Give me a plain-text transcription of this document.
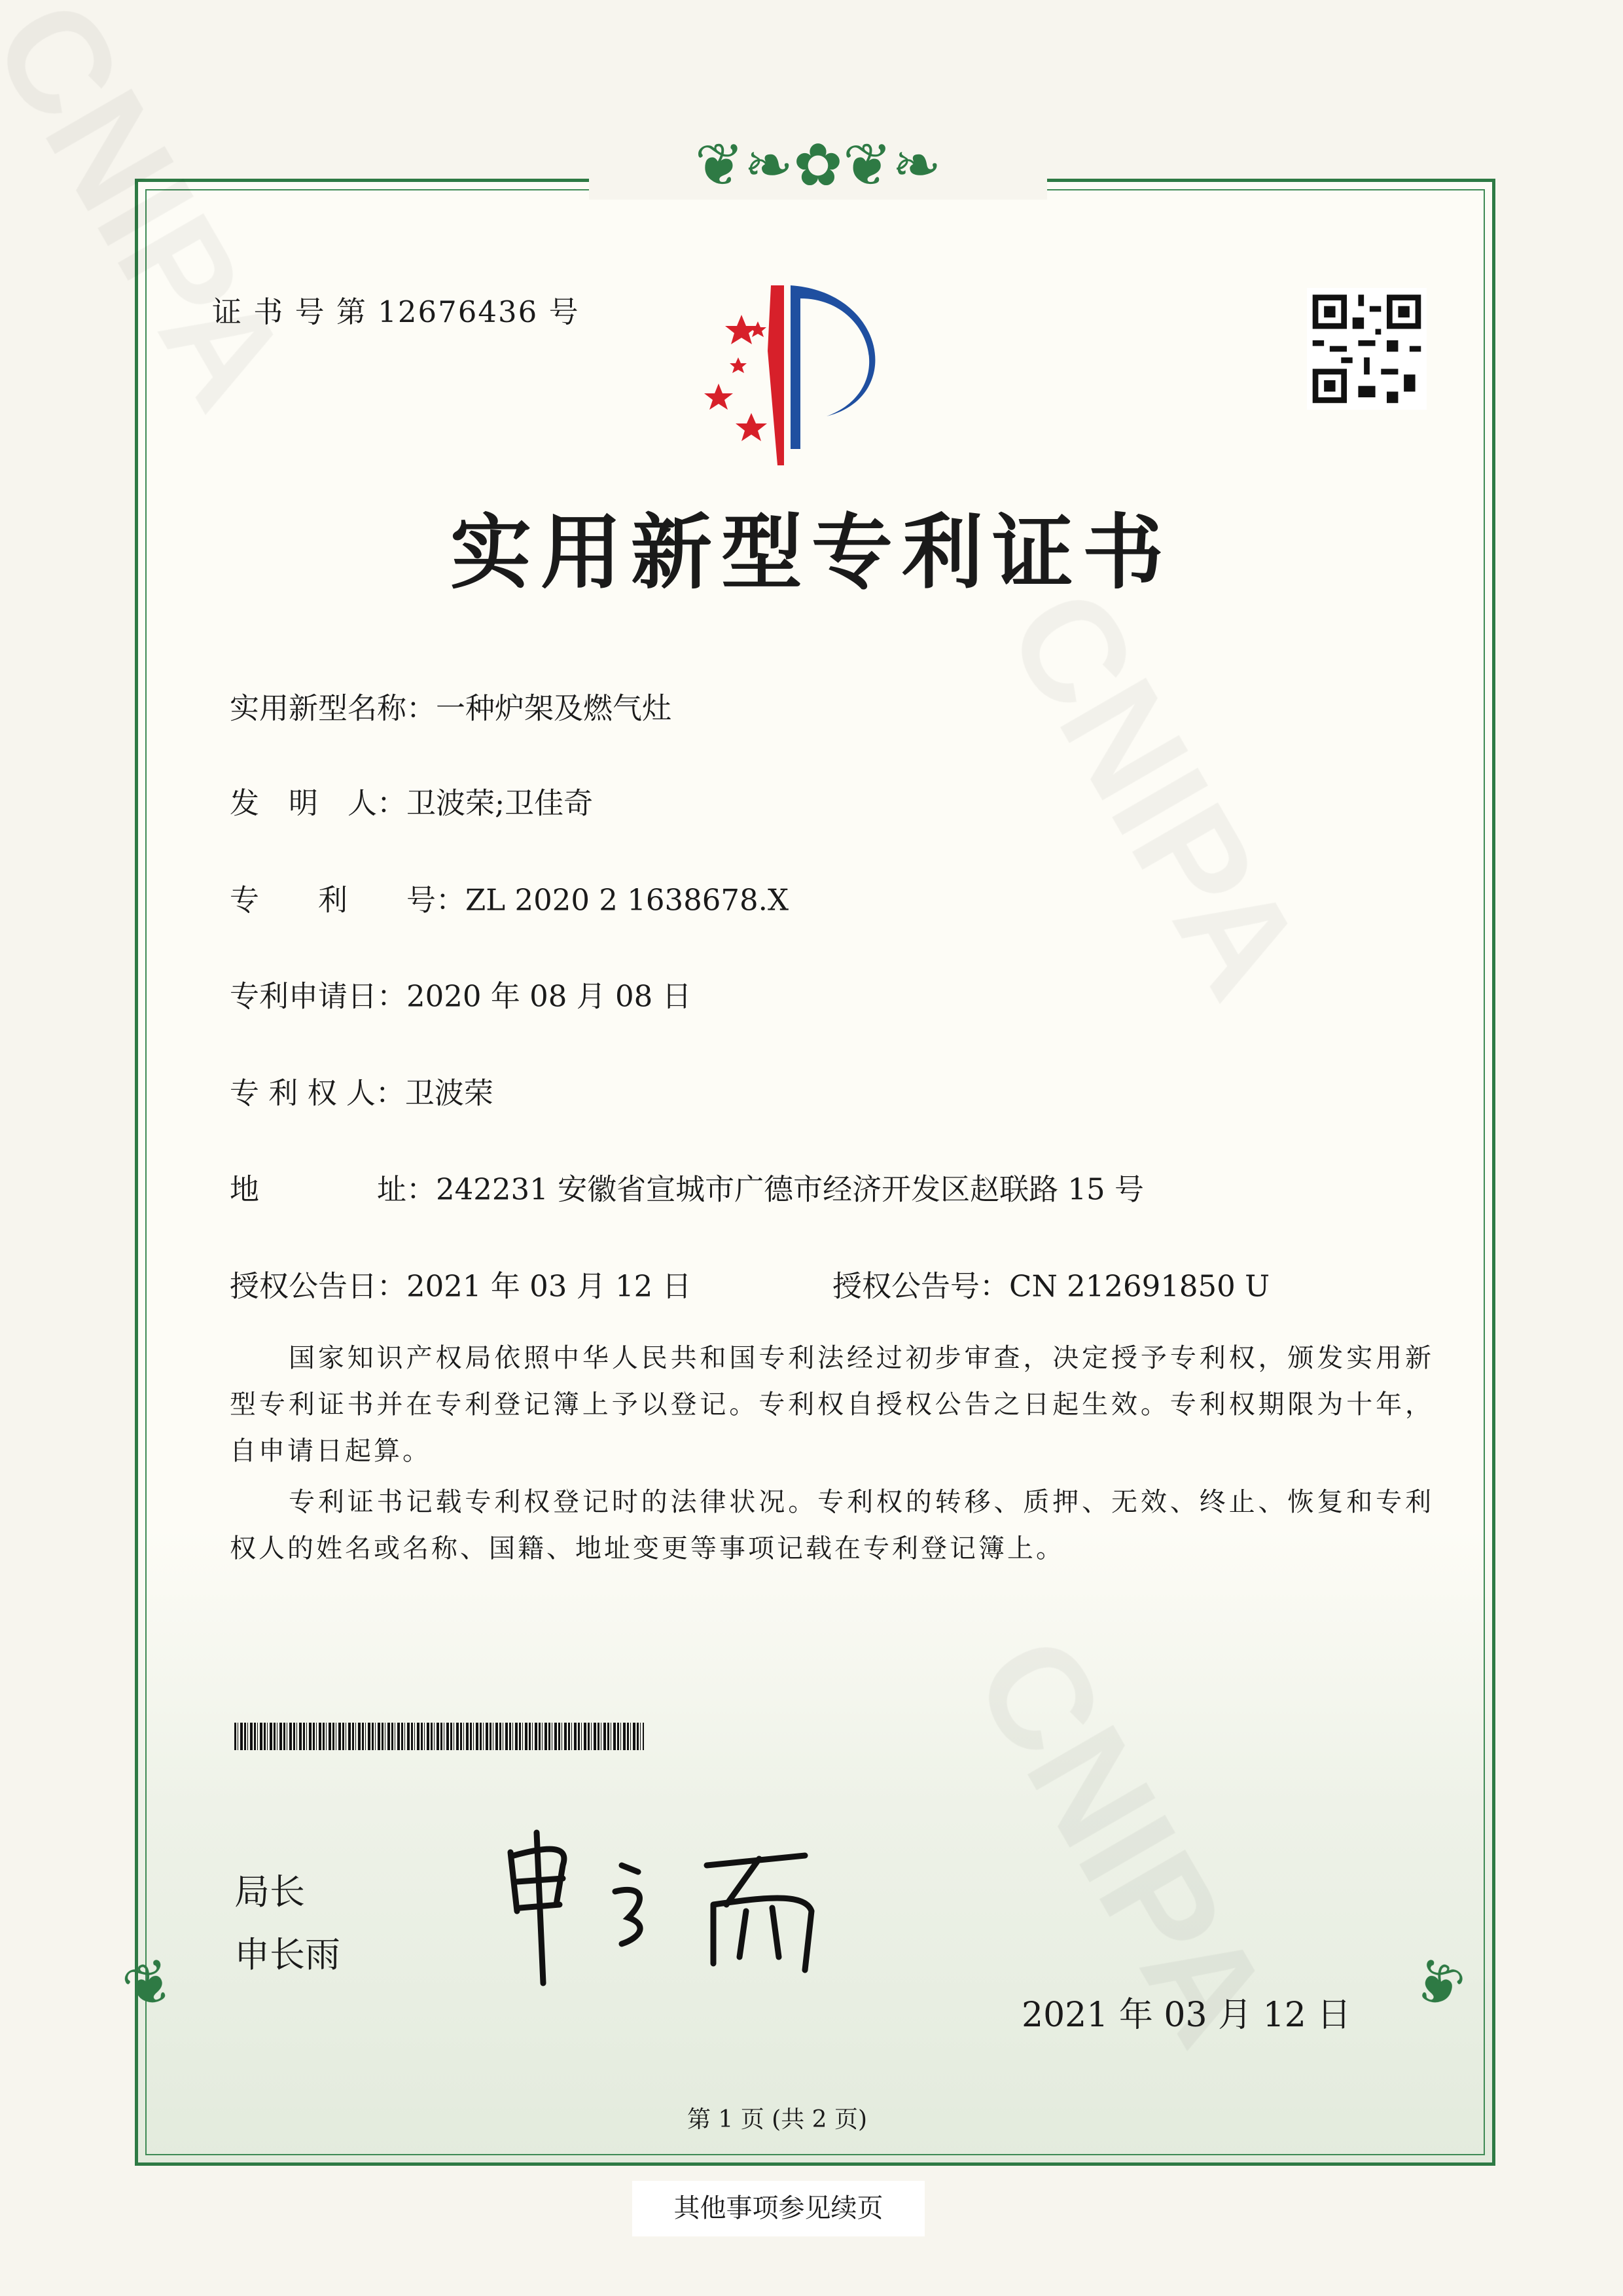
❦❧✿❦❧
❦	❦
证 书 号 第 12676436 号
实用新型专利证书
实用新型名称：一种炉架及燃气灶
发　明　人：卫波荣;卫佳奇
专　　利　　号：ZL 2020 2 1638678.X
专利申请日：2020 年 08 月 08 日
专 利 权 人：卫波荣
地　　　　址：242231 安徽省宣城市广德市经济开发区赵联路 15 号
授权公告日：2021 年 03 月 12 日	授权公告号：CN 212691850 U
国家知识产权局依照中华人民共和国专利法经过初步审查，决定授予专利权，颁发实用新型专利证书并在专利登记簿上予以登记。专利权自授权公告之日起生效。专利权期限为十年，自申请日起算。
专利证书记载专利权登记时的法律状况。专利权的转移、质押、无效、终止、恢复和专利权人的姓名或名称、国籍、地址变更等事项记载在专利登记簿上。
局长
申长雨
2021 年 03 月 12 日
第 1 页 (共 2 页)
其他事项参见续页
